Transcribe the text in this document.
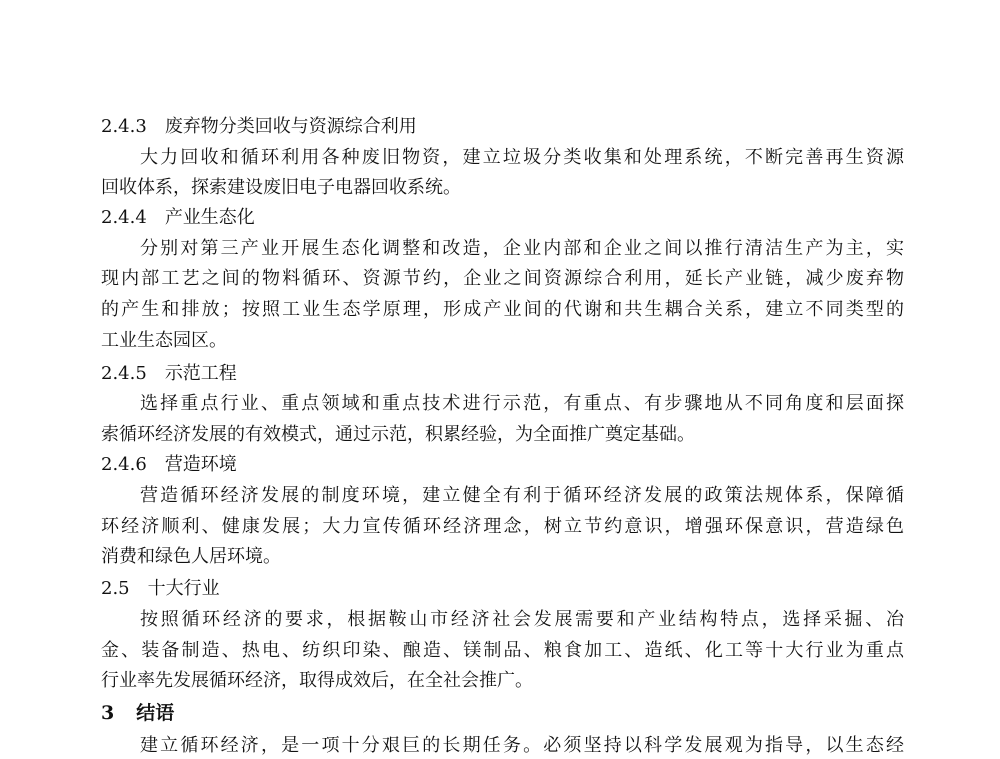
2.4.3 废弃物分类回收与资源综合利用
大力回收和循环利用各种废旧物资，建立垃圾分类收集和处理系统，不断完善再生资源
回收体系，探索建设废旧电子电器回收系统。
2.4.4 产业生态化
分别对第三产业开展生态化调整和改造，企业内部和企业之间以推行清洁生产为主，实
现内部工艺之间的物料循环、资源节约，企业之间资源综合利用，延长产业链，减少废弃物
的产生和排放；按照工业生态学原理，形成产业间的代谢和共生耦合关系，建立不同类型的
工业生态园区。
2.4.5 示范工程
选择重点行业、重点领域和重点技术进行示范，有重点、有步骤地从不同角度和层面探
索循环经济发展的有效模式，通过示范，积累经验，为全面推广奠定基础。
2.4.6 营造环境
营造循环经济发展的制度环境，建立健全有利于循环经济发展的政策法规体系，保障循
环经济顺利、健康发展；大力宣传循环经济理念，树立节约意识，增强环保意识，营造绿色
消费和绿色人居环境。
2.5 十大行业
按照循环经济的要求，根据鞍山市经济社会发展需要和产业结构特点，选择采掘、冶
金、装备制造、热电、纺织印染、酿造、镁制品、粮食加工、造纸、化工等十大行业为重点
行业率先发展循环经济，取得成效后，在全社会推广。
3 结语
建立循环经济，是一项十分艰巨的长期任务。必须坚持以科学发展观为指导，以生态经
